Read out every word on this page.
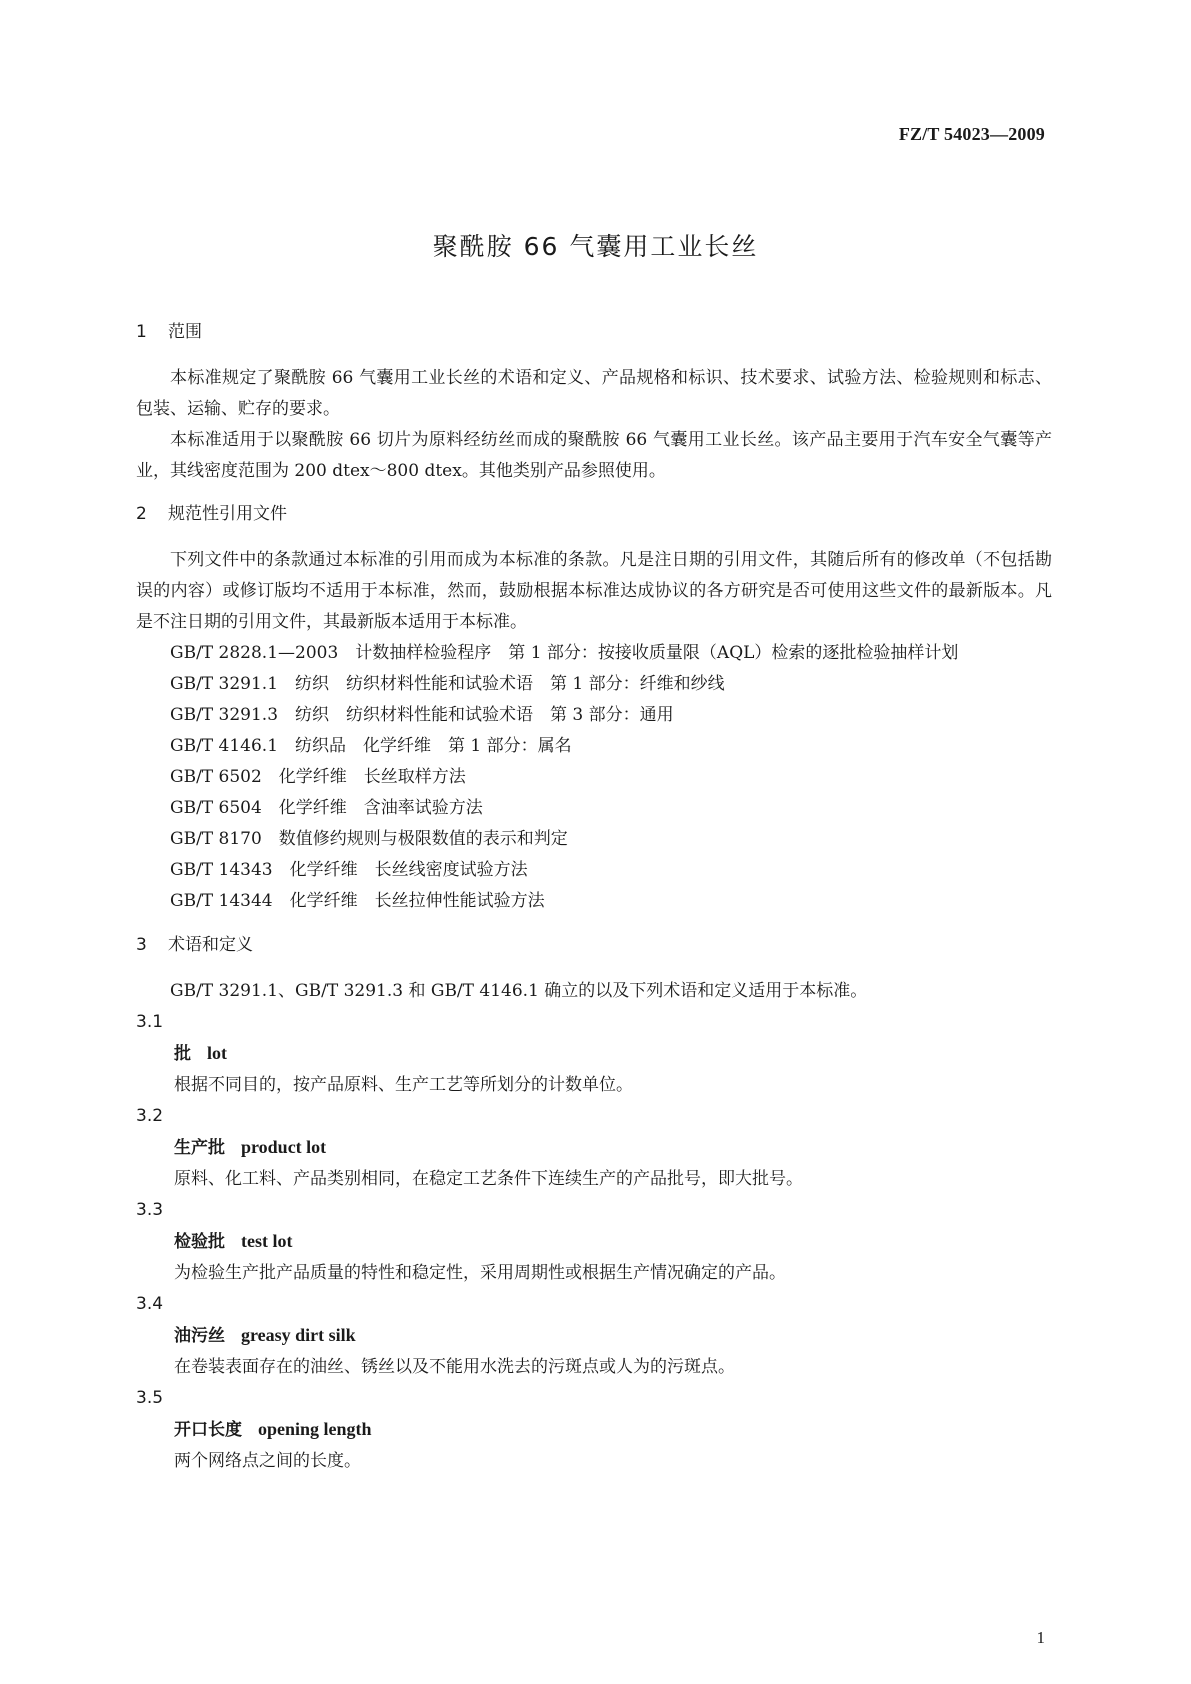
FZ/T 54023—2009
聚酰胺 66 气囊用工业长丝
1 范围

本标准规定了聚酰胺 66 气囊用工业长丝的术语和定义、产品规格和标识、技术要求、试验方法、检验规则和标志、包装、运输、贮存的要求。

本标准适用于以聚酰胺 66 切片为原料经纺丝而成的聚酰胺 66 气囊用工业长丝。该产品主要用于汽车安全气囊等产业，其线密度范围为 200 dtex～800 dtex。其他类别产品参照使用。

2 规范性引用文件

下列文件中的条款通过本标准的引用而成为本标准的条款。凡是注日期的引用文件，其随后所有的修改单（不包括勘误的内容）或修订版均不适用于本标准，然而，鼓励根据本标准达成协议的各方研究是否可使用这些文件的最新版本。凡是不注日期的引用文件，其最新版本适用于本标准。

GB/T 2828.1—2003　计数抽样检验程序　第 1 部分：按接收质量限（AQL）检索的逐批检验抽样计划

GB/T 3291.1　纺织　纺织材料性能和试验术语　第 1 部分：纤维和纱线

GB/T 3291.3　纺织　纺织材料性能和试验术语　第 3 部分：通用

GB/T 4146.1　纺织品　化学纤维　第 1 部分：属名

GB/T 6502　化学纤维　长丝取样方法

GB/T 6504　化学纤维　含油率试验方法

GB/T 8170　数值修约规则与极限数值的表示和判定

GB/T 14343　化学纤维　长丝线密度试验方法

GB/T 14344　化学纤维　长丝拉伸性能试验方法

3 术语和定义

GB/T 3291.1、GB/T 3291.3 和 GB/T 4146.1 确立的以及下列术语和定义适用于本标准。

3.1

批 lot

根据不同目的，按产品原料、生产工艺等所划分的计数单位。

3.2

生产批 product lot

原料、化工料、产品类别相同，在稳定工艺条件下连续生产的产品批号，即大批号。

3.3

检验批 test lot

为检验生产批产品质量的特性和稳定性，采用周期性或根据生产情况确定的产品。

3.4

油污丝 greasy dirt silk

在卷装表面存在的油丝、锈丝以及不能用水洗去的污斑点或人为的污斑点。

3.5

开口长度 opening length

两个网络点之间的长度。

1
